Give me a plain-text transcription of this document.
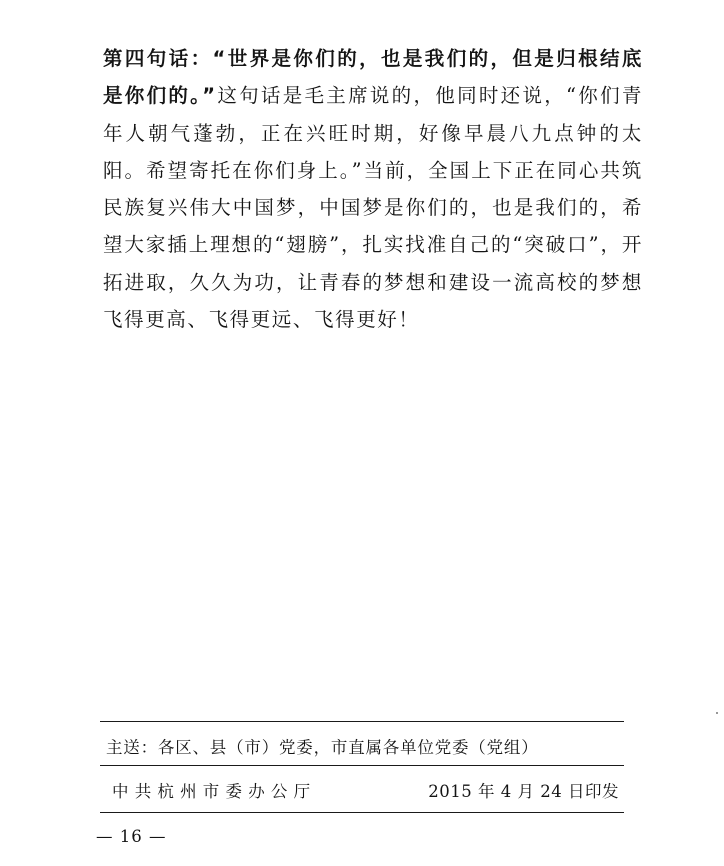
第四句话：“世界是你们的，也是我们的，但是归根结底是你们的。”这句话是毛主席说的，他同时还说，“你们青年人朝气蓬勃，正在兴旺时期，好像早晨八九点钟的太阳。希望寄托在你们身上。”当前，全国上下正在同心共筑民族复兴伟大中国梦，中国梦是你们的，也是我们的，希望大家插上理想的“翅膀”，扎实找准自己的“突破口”，开拓进取，久久为功，让青春的梦想和建设一流高校的梦想飞得更高、飞得更远、飞得更好！

主送：各区、县（市）党委，市直属各单位党委（党组）
中共杭州市委办公厅	2015 年 4 月 24 日印发
— 16 —
